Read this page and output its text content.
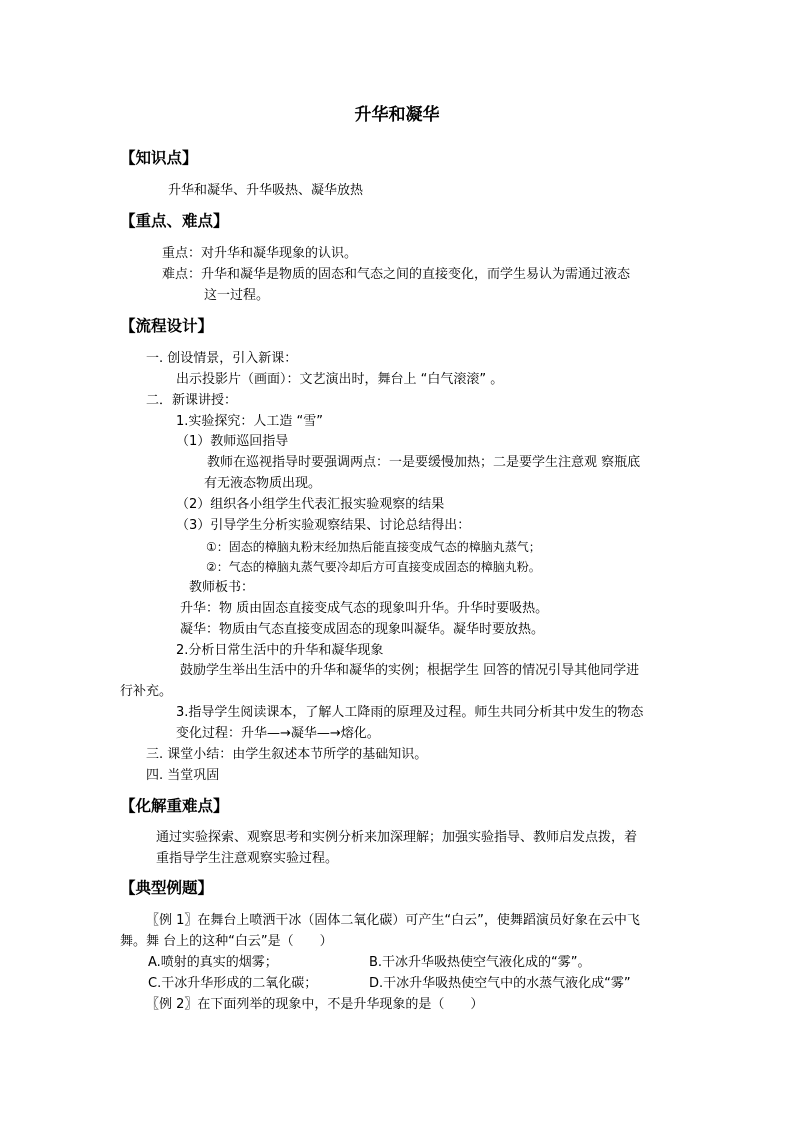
升华和凝华
【知识点】
升华和凝华、升华吸热、凝华放热
【重点、难点】
重点：对升华和凝华现象的认识。
难点：升华和凝华是物质的固态和气态之间的直接变化，而学生易认为需通过液态
这一过程。
【流程设计】
一. 创设情景，引入新课：
出示投影片（画面）：文艺演出时，舞台上 “白气滚滚” 。
二．新课讲授：
1.实验探究：人工造 “雪”
（1）教师巡回指导
教师在巡视指导时要强调两点：一是要缓慢加热；二是要学生注意观 察瓶底
有无液态物质出现。
（2）组织各小组学生代表汇报实验观察的结果
（3）引导学生分析实验观察结果、讨论总结得出：
①：固态的樟脑丸粉末经加热后能直接变成气态的樟脑丸蒸气；
②：气态的樟脑丸蒸气要冷却后方可直接变成固态的樟脑丸粉。
教师板书：
升华：物 质由固态直接变成气态的现象叫升华。升华时要吸热。
凝华：物质由气态直接变成固态的现象叫凝华。凝华时要放热。
2.分析日常生活中的升华和凝华现象
鼓励学生举出生活中的升华和凝华的实例；根据学生 回答的情况引导其他同学进
行补充。
3.指导学生阅读课本，了解人工降雨的原理及过程。师生共同分析其中发生的物态
变化过程：升华—→凝华—→熔化。
三. 课堂小结：由学生叙述本节所学的基础知识。
四. 当堂巩固
【化解重难点】
通过实验探索、观察思考和实例分析来加深理解；加强实验指导、教师启发点拨，着
重指导学生注意观察实验过程。
【典型例题】
〖例 1〗在舞台上喷洒干冰（固体二氧化碳）可产生“白云”，使舞蹈演员好象在云中飞
舞。舞 台上的这种“白云”是（　　）
A.喷射的真实的烟雾；	B.干冰升华吸热使空气液化成的“雾”。
C.干冰升华形成的二氧化碳；	D.干冰升华吸热使空气中的水蒸气液化成“雾”
〖例 2〗在下面列举的现象中，不是升华现象的是（　　）
